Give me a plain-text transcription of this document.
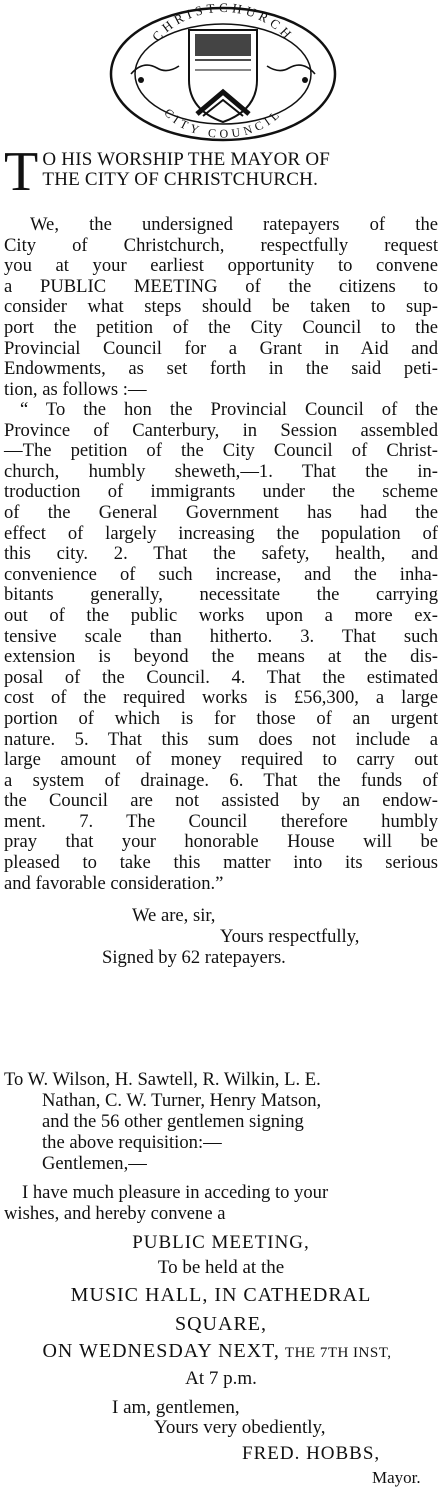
CHRISTCHURCH
CITY COUNCIL
T O HIS WORSHIP THE MAYOR OF
THE CITY OF CHRISTCHURCH.
We, the undersigned ratepayers of the
City of Christchurch, respectfully request
you at your earliest opportunity to convene
a PUBLIC MEETING of the citizens to
consider what steps should be taken to sup-
port the petition of the City Council to the
Provincial Council for a Grant in Aid and
Endowments, as set forth in the said peti-
tion, as follows :—
“ To the hon the Provincial Council of the
Province of Canterbury, in Session assembled
—The petition of the City Council of Christ-
church, humbly sheweth,—1. That the in-
troduction of immigrants under the scheme
of the General Government has had the
effect of largely increasing the population of
this city. 2. That the safety, health, and
convenience of such increase, and the inha-
bitants generally, necessitate the carrying
out of the public works upon a more ex-
tensive scale than hitherto. 3. That such
extension is beyond the means at the dis-
posal of the Council. 4. That the estimated
cost of the required works is £56,300, a large
portion of which is for those of an urgent
nature. 5. That this sum does not include a
large amount of money required to carry out
a system of drainage. 6. That the funds of
the Council are not assisted by an endow-
ment. 7. The Council therefore humbly
pray that your honorable House will be
pleased to take this matter into its serious
and favorable consideration.”
We are, sir,
Yours respectfully,
Signed by 62 ratepayers.
To W. Wilson, H. Sawtell, R. Wilkin, L. E.
Nathan, C. W. Turner, Henry Matson,
and the 56 other gentlemen signing
the above requisition:—
Gentlemen,—
I have much pleasure in acceding to your
wishes, and hereby convene a
PUBLIC MEETING,
To be held at the
MUSIC HALL, IN CATHEDRAL
SQUARE,
ON WEDNESDAY NEXT, THE 7TH INST,
At 7 p.m.
I am, gentlemen,
Yours very obediently,
FRED. HOBBS,
Mayor.
